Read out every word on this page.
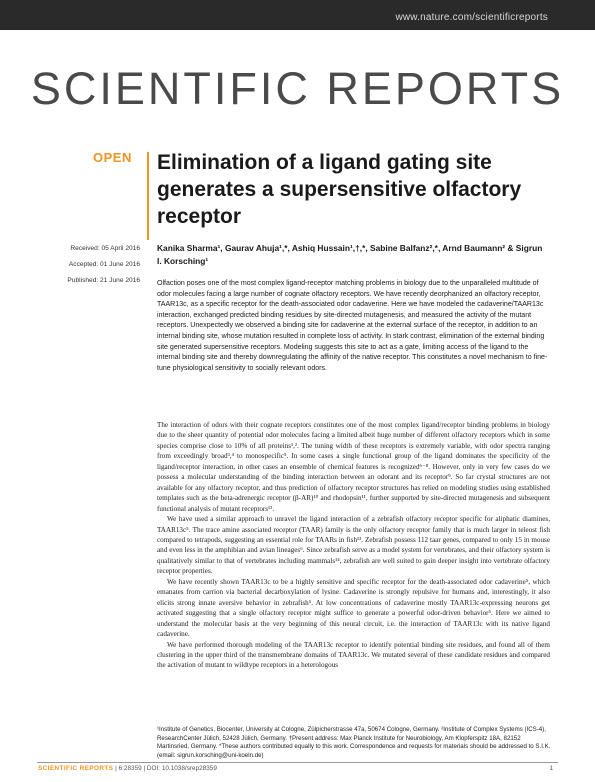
www.nature.com/scientificreports
SCIENTIFIC REPORTS
OPEN Elimination of a ligand gating site generates a supersensitive olfactory receptor
Received: 05 April 2016
Accepted: 01 June 2016
Published: 21 June 2016
Kanika Sharma¹, Gaurav Ahuja¹,*, Ashiq Hussain¹,†,*, Sabine Balfanz²,*, Arnd Baumann² & Sigrun I. Korsching¹

Olfaction poses one of the most complex ligand-receptor matching problems in biology due to the unparalleled multitude of odor molecules facing a large number of cognate olfactory receptors. We have recently deorphanized an olfactory receptor, TAAR13c, as a specific receptor for the death-associated odor cadaverine. Here we have modeled the cadaverine/TAAR13c interaction, exchanged predicted binding residues by site-directed mutagenesis, and measured the activity of the mutant receptors. Unexpectedly we observed a binding site for cadaverine at the external surface of the receptor, in addition to an internal binding site, whose mutation resulted in complete loss of activity. In stark contrast, elimination of the external binding site generated supersensitive receptors. Modeling suggests this site to act as a gate, limiting access of the ligand to the internal binding site and thereby downregulating the affinity of the native receptor. This constitutes a novel mechanism to fine-tune physiological sensitivity to socially relevant odors.

The interaction of odors with their cognate receptors constitutes one of the most complex ligand/receptor binding problems in biology due to the sheer quantity of potential odor molecules facing a limited albeit huge number of different olfactory receptors which in some species comprise close to 10% of all proteins¹,². The tuning width of these receptors is extremely variable, with odor spectra ranging from exceedingly broad³,⁴ to monospecific⁵. In some cases a single functional group of the ligand dominates the specificity of the ligand/receptor interaction, in other cases an ensemble of chemical features is recognized⁶⁻⁸. However, only in very few cases do we possess a molecular understanding of the binding interaction between an odorant and its receptor⁹. So far crystal structures are not available for any olfactory receptor, and thus prediction of olfactory receptor structures has relied on modeling studies using established templates such as the beta-adrenergic receptor (β-AR)¹⁰ and rhodopsin¹¹, further supported by site-directed mutagenesis and subsequent functional analysis of mutant receptors¹².

We have used a similar approach to unravel the ligand interaction of a zebrafish olfactory receptor specific for aliphatic diamines, TAAR13c⁵. The trace amine associated receptor (TAAR) family is the only olfactory receptor family that is much larger in teleost fish compared to tetrapods, suggesting an essential role for TAARs in fish¹³. Zebrafish possess 112 taar genes, compared to only 15 in mouse and even less in the amphibian and avian lineages⁶. Since zebrafish serve as a model system for vertebrates, and their olfactory system is qualitatively similar to that of vertebrates including mammals¹⁴, zebrafish are well suited to gain deeper insight into vertebrate olfactory receptor properties.

We have recently shown TAAR13c to be a highly sensitive and specific receptor for the death-associated odor cadaverine⁵, which emanates from carrion via bacterial decarboxylation of lysine. Cadaverine is strongly repulsive for humans and, interestingly, it also elicits strong innate aversive behavior in zebrafish⁵. At low concentrations of cadaverine mostly TAAR13c-expressing neurons get activated suggesting that a single olfactory receptor might suffice to generate a powerful odor-driven behavior⁵. Here we aimed to understand the molecular basis at the very beginning of this neural circuit, i.e. the interaction of TAAR13c with its native ligand cadaverine.

We have performed thorough modeling of the TAAR13c receptor to identify potential binding site residues, and found all of them clustering in the upper third of the transmembrane domains of TAAR13c. We mutated several of these candidate residues and compared the activation of mutant to wildtype receptors in a heterologous

¹Institute of Genetics, Biocenter, University at Cologne, Zülpicherstrasse 47a, 50674 Cologne, Germany. ²Institute of Complex Systems (ICS-4), ResearchCenter Jülich, 52428 Jülich, Germany. †Present address: Max Planck Institute for Neurobiology, Am Klopferspitz 18A, 82152 Martinsried, Germany. *These authors contributed equally to this work. Correspondence and requests for materials should be addressed to S.I.K. (email: sigrun.korsching@uni-koeln.de)
SCIENTIFIC REPORTS | 6:28359 | DOI: 10.1038/srep28359	1
